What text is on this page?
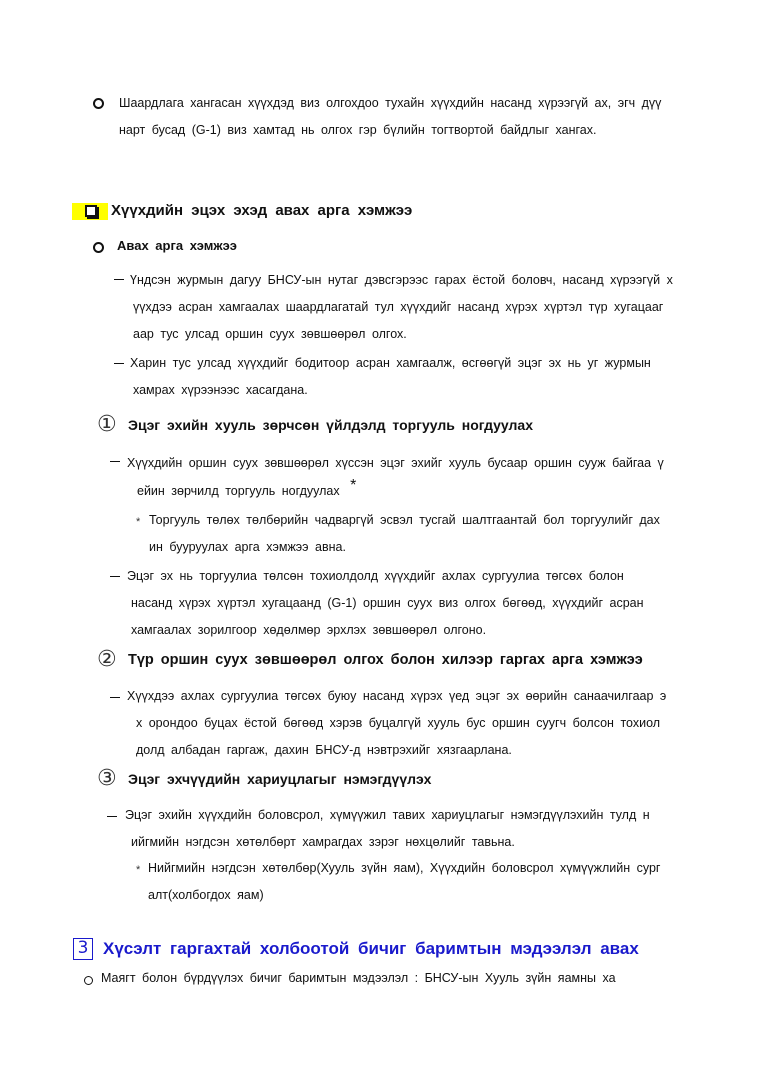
Шаардлага хангасан хүүхдэд виз олгохдоо тухайн хүүхдийн насанд хүрээгүй ах, эгч дүү
нарт бусад (G-1) виз хамтад нь олгох гэр бүлийн тогтвортой байдлыг хангах.
Хүүхдийн эцэх эхэд авах арга хэмжээ
Авах арга хэмжээ
Үндсэн журмын дагуу БНСУ-ын нутаг дэвсгэрээс гарах ёстой боловч, насанд хүрээгүй х
үүхдээ асран хамгаалах шаардлагатай тул хүүхдийг насанд хүрэх хүртэл түр хугацааг
аар тус улсад оршин суух зөвшөөрөл олгох.
Харин тус улсад хүүхдийг бодитоор асран хамгаалж, өсгөөгүй эцэг эх нь уг журмын
хамрах хүрээнээс хасагдана.
① Эцэг эхийн хууль зөрчсөн үйлдэлд торгууль ногдуулах
Хүүхдийн оршин суух зөвшөөрөл хүссэн эцэг эхийг хууль бусаар оршин сууж байгаа ү
ейин зөрчилд торгууль ногдуулах *
* Торгууль төлөх төлбөрийн чадваргүй эсвэл тусгай шалтгаантай бол торгуулийг дах
ин бууруулах арга хэмжээ авна.
Эцэг эх нь торгуулиа төлсөн тохиолдолд хүүхдийг ахлах сургуулиа төгсөх болон
насанд хүрэх хүртэл хугацаанд (G-1) оршин суух виз олгох бөгөөд, хүүхдийг асран
хамгаалах зорилгоор хөдөлмөр эрхлэх зөвшөөрөл олгоно.
② Түр оршин суух зөвшөөрөл олгох болон хилээр гаргах арга хэмжээ
Хүүхдээ ахлах сургуулиа төгсөх буюу насанд хүрэх үед эцэг эх өөрийн санаачилгаар э
х орондоо буцах ёстой бөгөөд хэрэв буцалгүй хууль бус оршин суугч болсон тохиол
долд албадан гаргаж, дахин БНСУ-д нэвтрэхийг хязгаарлана.
③ Эцэг эхчүүдийн хариуцлагыг нэмэгдүүлэх
Эцэг эхийн хүүхдийн боловсрол, хүмүүжил тавих хариуцлагыг нэмэгдүүлэхийн тулд н
ийгмийн нэгдсэн хөтөлбөрт хамрагдах зэрэг нөхцөлийг тавьна.
* Нийгмийн нэгдсэн хөтөлбөр(Хууль зүйн яам), Хүүхдийн боловсрол хүмүүжлийн сург
алт(холбогдох яам)
3 Хүсэлт гаргахтай холбоотой бичиг баримтын мэдээлэл авах
Маягт болон бүрдүүлэх бичиг баримтын мэдээлэл : БНСУ-ын Хууль зүйн яамны ха
